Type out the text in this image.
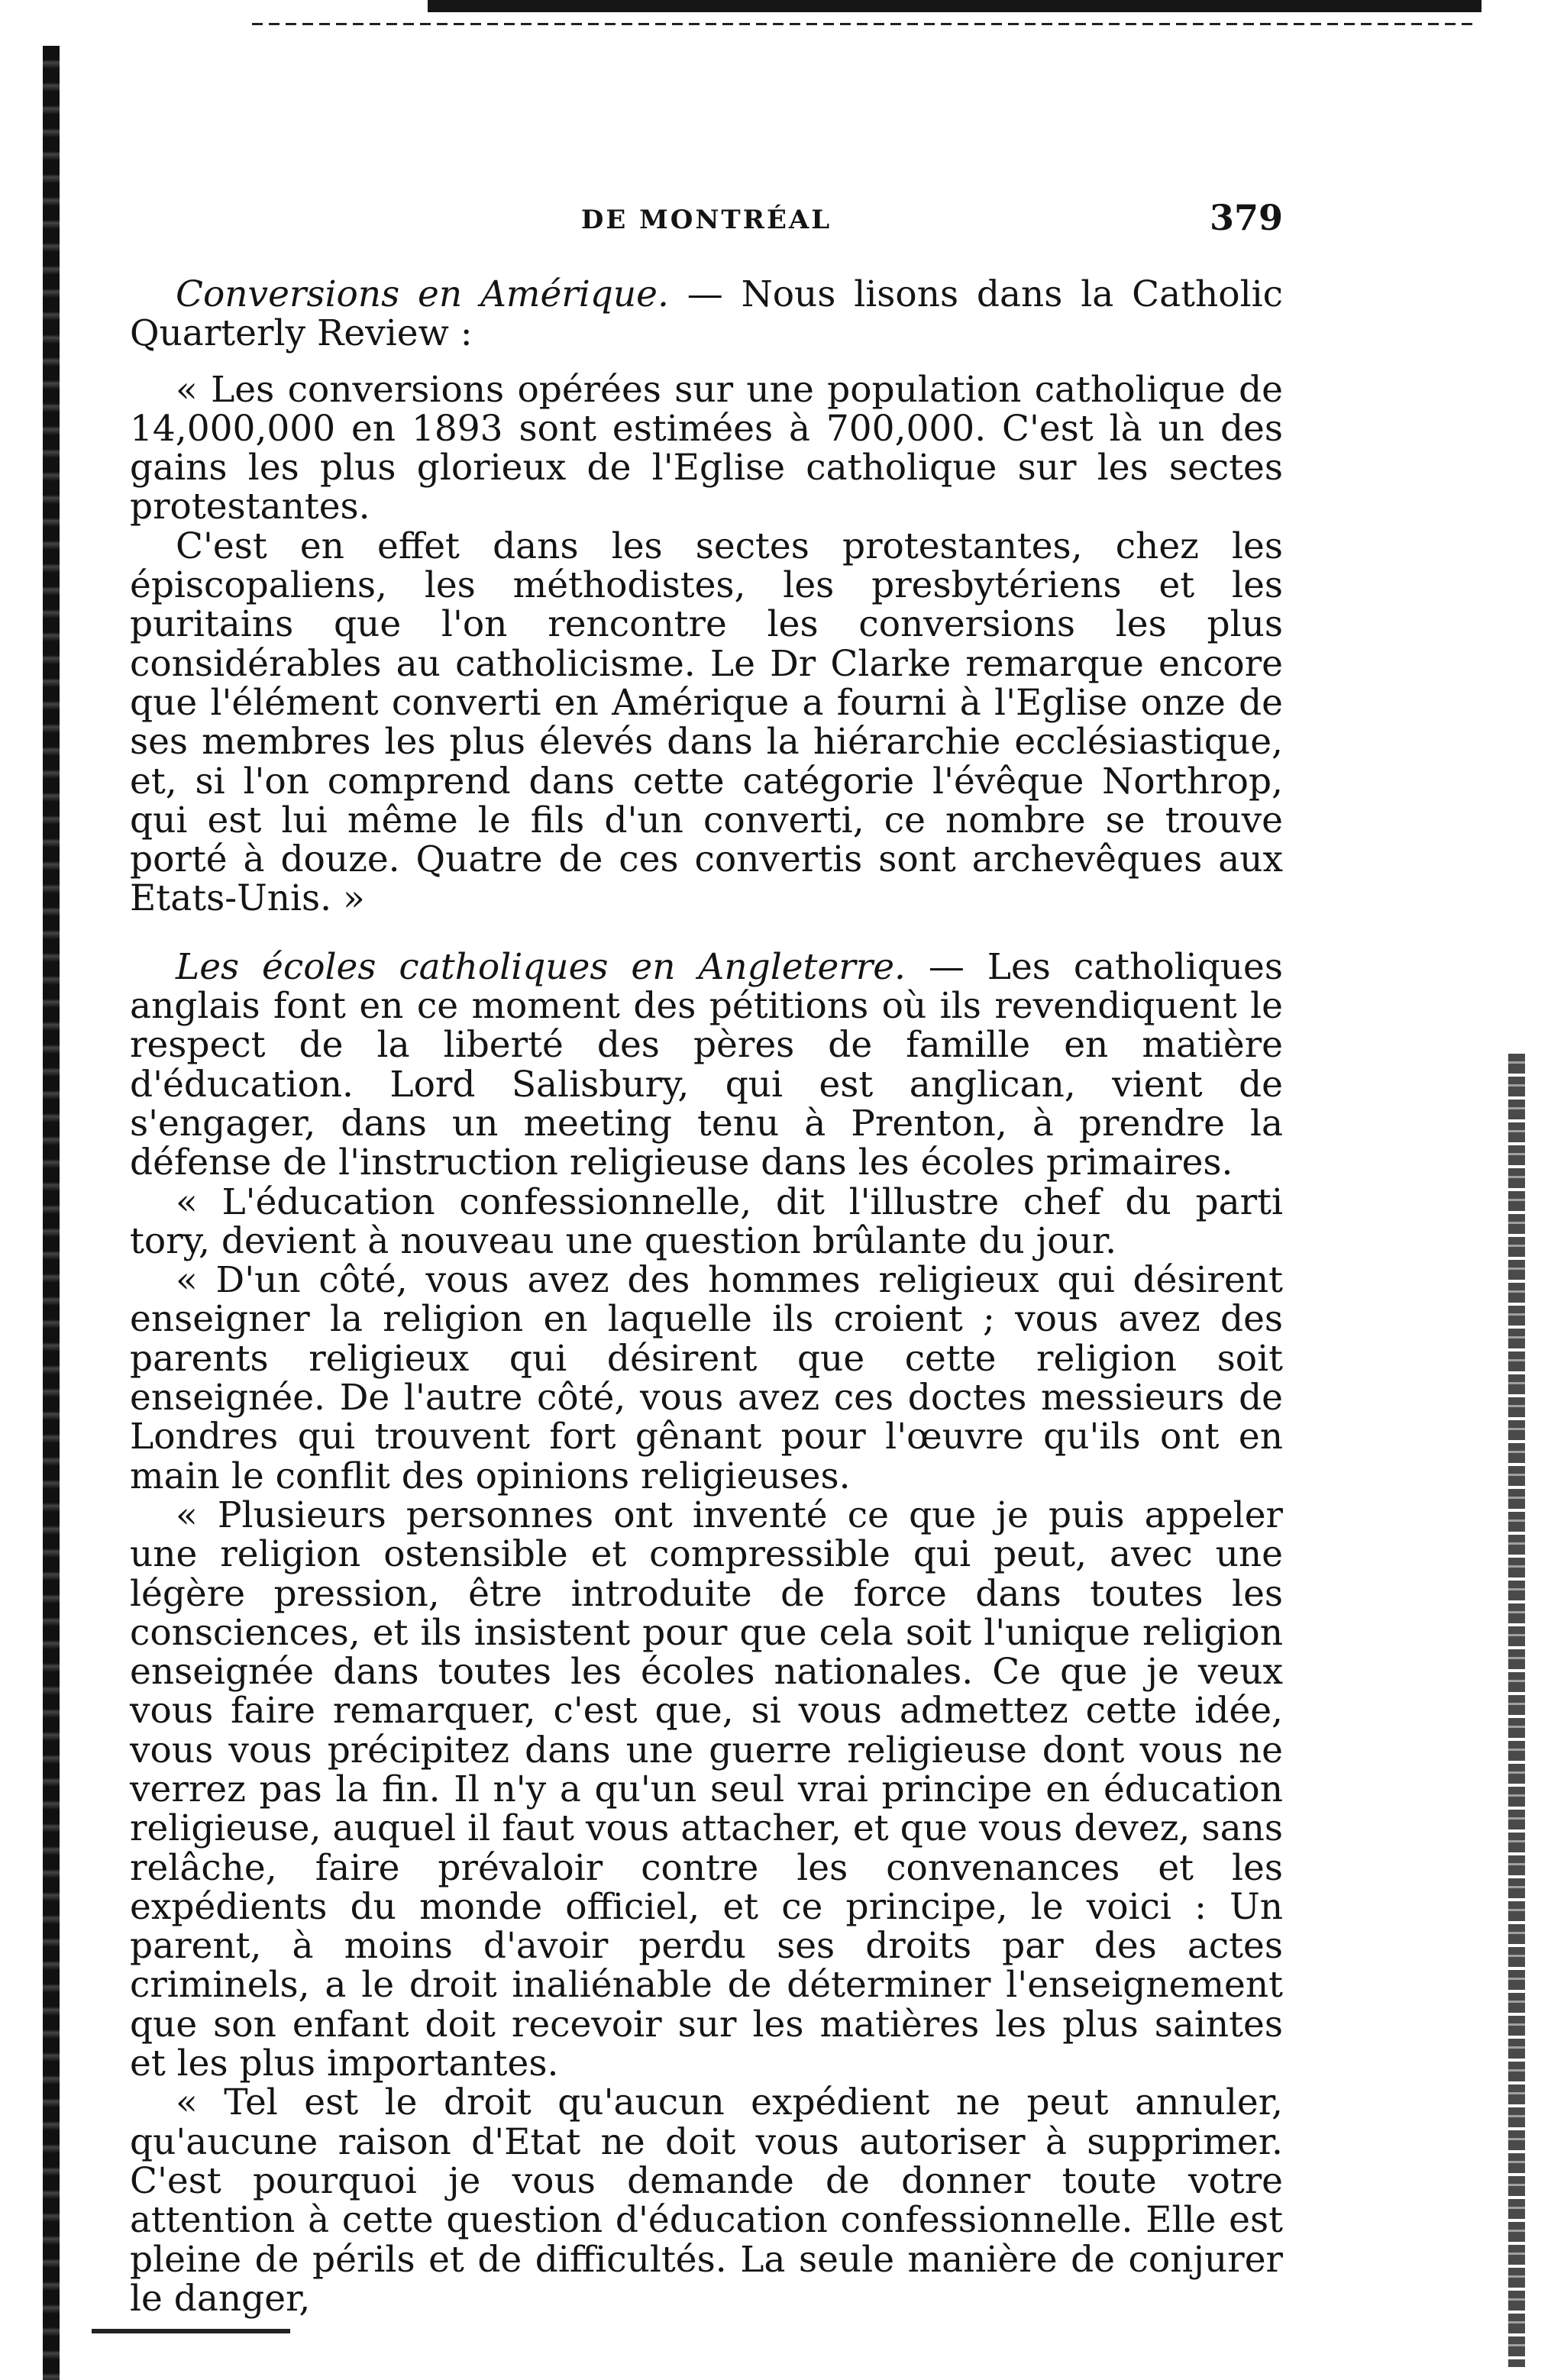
DE MONTRÉAL	379

Conversions en Amérique. — Nous lisons dans la Catholic Quarterly Review :

« Les conversions opérées sur une population catholique de 14,000,000 en 1893 sont estimées à 700,000. C'est là un des gains les plus glorieux de l'Eglise catholique sur les sectes protestantes.

C'est en effet dans les sectes protestantes, chez les épiscopaliens, les méthodistes, les presbytériens et les puritains que l'on rencontre les conversions les plus considérables au catholicisme. Le Dr Clarke remarque encore que l'élément converti en Amérique a fourni à l'Eglise onze de ses membres les plus élevés dans la hiérarchie ecclésiastique, et, si l'on comprend dans cette catégorie l'évêque Northrop, qui est lui même le fils d'un converti, ce nombre se trouve porté à douze. Quatre de ces convertis sont archevêques aux Etats-Unis. »

Les écoles catholiques en Angleterre. — Les catholiques anglais font en ce moment des pétitions où ils revendiquent le respect de la liberté des pères de famille en matière d'éducation. Lord Salisbury, qui est anglican, vient de s'engager, dans un meeting tenu à Prenton, à prendre la défense de l'instruction religieuse dans les écoles primaires.

« L'éducation confessionnelle, dit l'illustre chef du parti tory, devient à nouveau une question brûlante du jour.

« D'un côté, vous avez des hommes religieux qui désirent enseigner la religion en laquelle ils croient ; vous avez des parents religieux qui désirent que cette religion soit enseignée. De l'autre côté, vous avez ces doctes messieurs de Londres qui trouvent fort gênant pour l'œuvre qu'ils ont en main le conflit des opinions religieuses.

« Plusieurs personnes ont inventé ce que je puis appeler une religion ostensible et compressible qui peut, avec une légère pression, être introduite de force dans toutes les consciences, et ils insistent pour que cela soit l'unique religion enseignée dans toutes les écoles nationales. Ce que je veux vous faire remarquer, c'est que, si vous admettez cette idée, vous vous précipitez dans une guerre religieuse dont vous ne verrez pas la fin. Il n'y a qu'un seul vrai principe en éducation religieuse, auquel il faut vous attacher, et que vous devez, sans relâche, faire prévaloir contre les convenances et les expédients du monde officiel, et ce principe, le voici : Un parent, à moins d'avoir perdu ses droits par des actes criminels, a le droit inaliénable de déterminer l'enseignement que son enfant doit recevoir sur les matières les plus saintes et les plus importantes.

« Tel est le droit qu'aucun expédient ne peut annuler, qu'aucune raison d'Etat ne doit vous autoriser à supprimer. C'est pourquoi je vous demande de donner toute votre attention à cette question d'éducation confessionnelle. Elle est pleine de périls et de difficultés. La seule manière de conjurer le danger,
